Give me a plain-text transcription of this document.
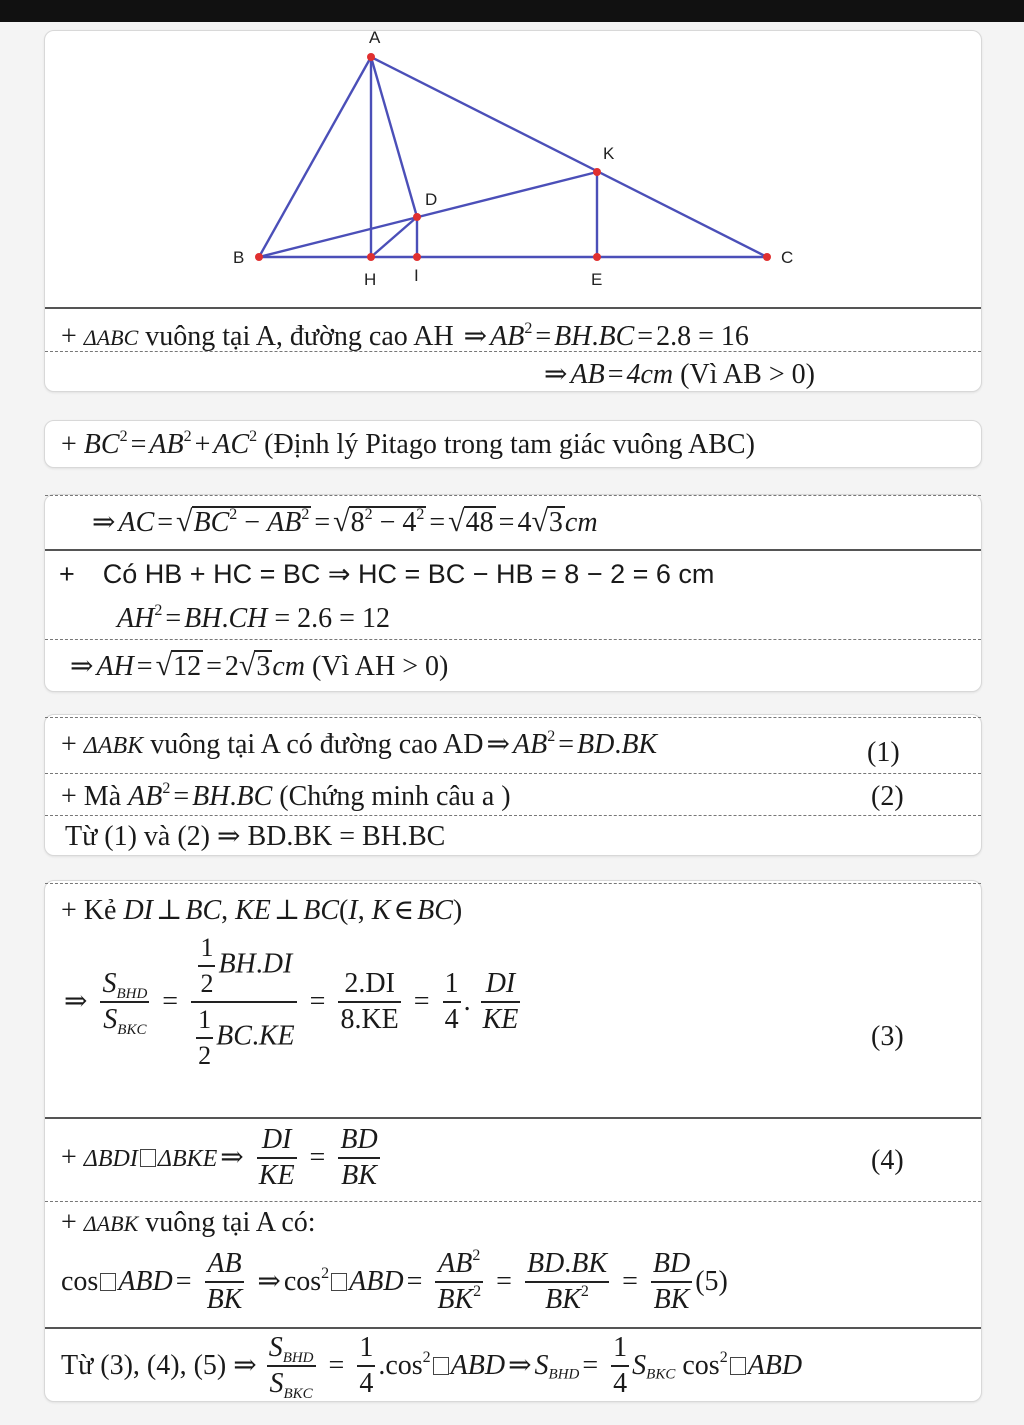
A
B	C
D
K
H I	E
+ ΔABC vuông tại A, đường cao AH ⇒ $AB^2 = BH.BC = 2.8 = 16$
⇒ AB = 4cm (Vì AB > 0)
+ $BC^2 = AB^2 + AC^2$ (Định lý Pitago trong tam giác vuông ABC)
⇒ AC = $√BC^2 - AB^2 = √8^2 - 4^2 = √48 = 4√3cm$
+ Có HB + HC = BC ⇒ HC = BC − HB = 8 − 2 = 6 cm
$AH^2 = BH.CH = 2.6 = 12$
⇒ AH = √12 = 2√3cm (Vì AH > 0)
+ ΔABK vuông tại A có đường cao AD ⇒ $AB^2 = BD.BK$	(1)
+ Mà $AB^2 = BH.BC$ (Chứng minh câu a )	(2)
Từ (1) và (2) ⇒ BD.BK = BH.BC
+ Kẻ DI ⊥ BC, KE ⊥ BC(I, K ∈ BC)
⇒ $\frac{S_{BHD}}{S_{BKC}} = \frac{\frac{1}{2} BH.DI}{\frac{1}{2} BC.KE} = \frac{2.DI}{8.KE} = \frac{1}{4}$ . $\frac{DI}{KE}$	(3)
+ ΔBDI ΔBKE ⇒ $\frac{DI}{KE} = \frac{BD}{BK}$	(4)
+ ΔABK vuông tại A có:
cos ABD = $\frac{AB}{BK}$ ⇒ $\cos^2$ ABD = $\frac{AB^2}{BK^2} = \frac{BD.BK}{BK^2} = \frac{BD}{BK} (5)$
Từ (3), (4), (5) ⇒ $\frac{S_{BHD}}{S_{BKC}} = \frac{1}{4} .\cos^2$ ABD ⇒ $S_{BHD} = \frac{1}{4} S_{BKC}$ $\cos^2$ ABD
